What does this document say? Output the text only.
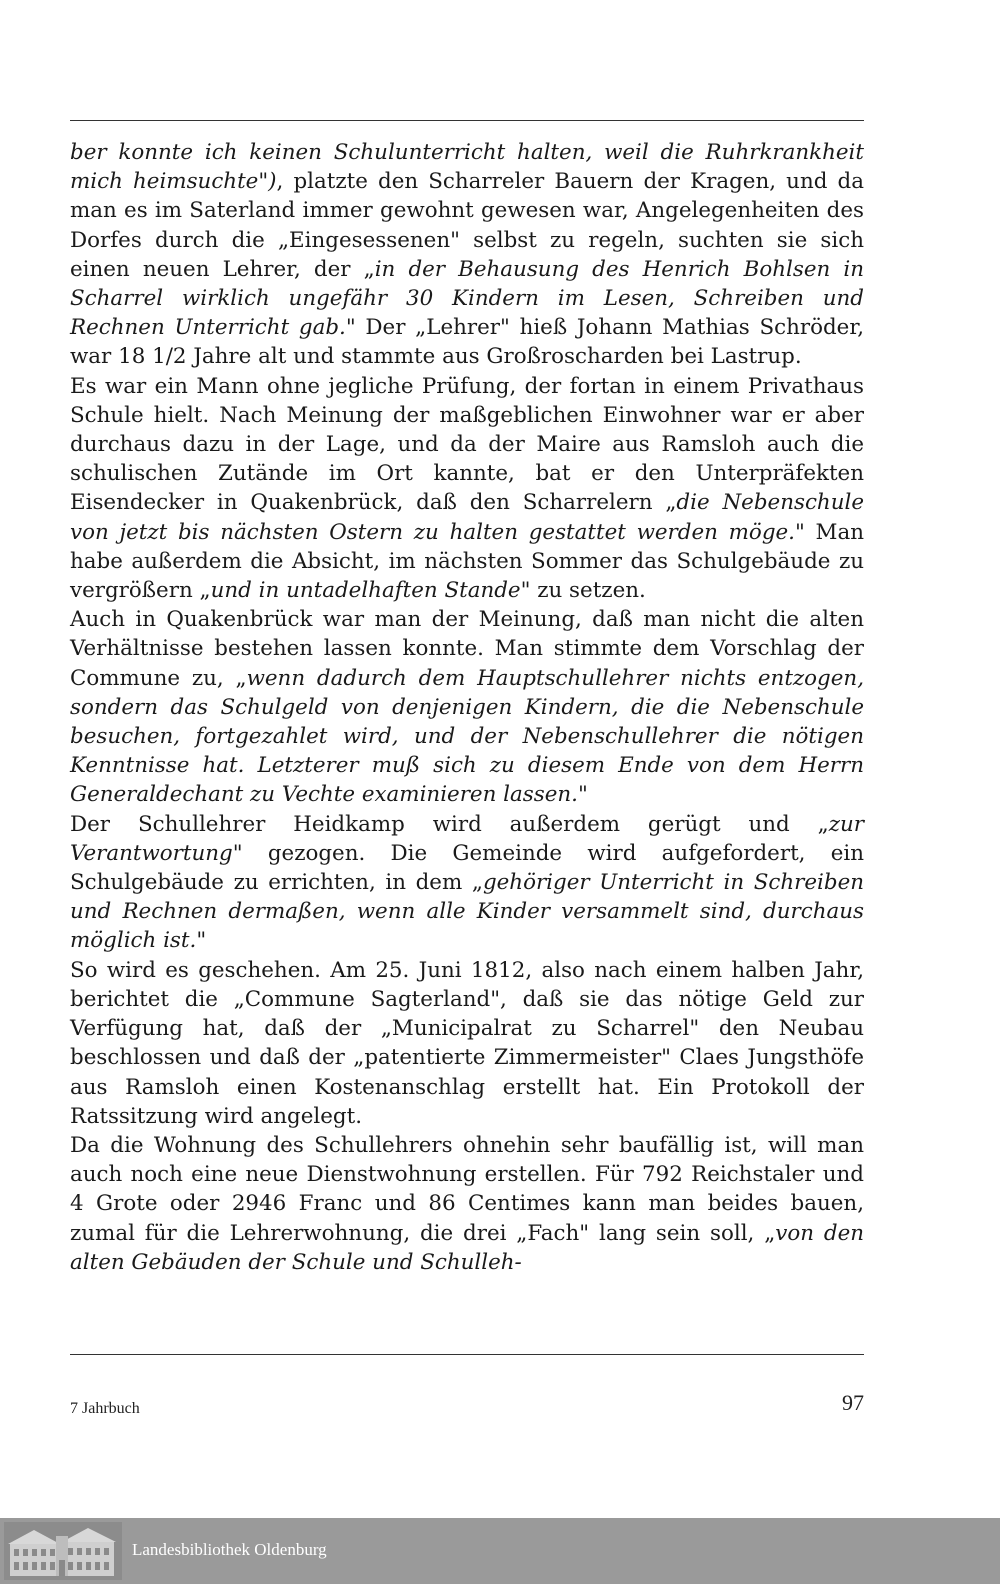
ber konnte ich keinen Schulunterricht halten, weil die Ruhrkrankheit mich heimsuchte"), platzte den Scharreler Bauern der Kragen, und da man es im Saterland immer gewohnt gewesen war, Angelegenheiten des Dorfes durch die „Eingesessenen" selbst zu regeln, suchten sie sich einen neuen Lehrer, der „in der Behausung des Henrich Bohlsen in Scharrel wirklich ungefähr 30 Kindern im Lesen, Schreiben und Rechnen Unterricht gab." Der „Lehrer" hieß Johann Mathias Schröder, war 18 1/2 Jahre alt und stammte aus Großroscharden bei Lastrup.

Es war ein Mann ohne jegliche Prüfung, der fortan in einem Privathaus Schule hielt. Nach Meinung der maßgeblichen Einwohner war er aber durchaus dazu in der Lage, und da der Maire aus Ramsloh auch die schulischen Zutände im Ort kannte, bat er den Unterpräfekten Eisendecker in Quakenbrück, daß den Scharrelern „die Nebenschule von jetzt bis nächsten Ostern zu halten gestattet werden möge." Man habe außerdem die Absicht, im nächsten Sommer das Schulgebäude zu vergrößern „und in untadelhaften Stande" zu setzen.

Auch in Quakenbrück war man der Meinung, daß man nicht die alten Verhältnisse bestehen lassen konnte. Man stimmte dem Vorschlag der Commune zu, „wenn dadurch dem Hauptschullehrer nichts entzogen, sondern das Schulgeld von denjenigen Kindern, die die Nebenschule besuchen, fortgezahlet wird, und der Nebenschullehrer die nötigen Kenntnisse hat. Letzterer muß sich zu diesem Ende von dem Herrn Generaldechant zu Vechte examinieren lassen."

Der Schullehrer Heidkamp wird außerdem gerügt und „zur Verantwortung" gezogen. Die Gemeinde wird aufgefordert, ein Schulgebäude zu errichten, in dem „gehöriger Unterricht in Schreiben und Rechnen dermaßen, wenn alle Kinder versammelt sind, durchaus möglich ist."

So wird es geschehen. Am 25. Juni 1812, also nach einem halben Jahr, berichtet die „Commune Sagterland", daß sie das nötige Geld zur Verfügung hat, daß der „Municipalrat zu Scharrel" den Neubau beschlossen und daß der „patentierte Zimmermeister" Claes Jungsthöfe aus Ramsloh einen Kostenanschlag erstellt hat. Ein Protokoll der Ratssitzung wird angelegt.

Da die Wohnung des Schullehrers ohnehin sehr baufällig ist, will man auch noch eine neue Dienstwohnung erstellen. Für 792 Reichstaler und 4 Grote oder 2946 Franc und 86 Centimes kann man beides bauen, zumal für die Lehrerwohnung, die drei „Fach" lang sein soll, „von den alten Gebäuden der Schule und Schulleh-

7 Jahrbuch	97
Landesbibliothek Oldenburg
